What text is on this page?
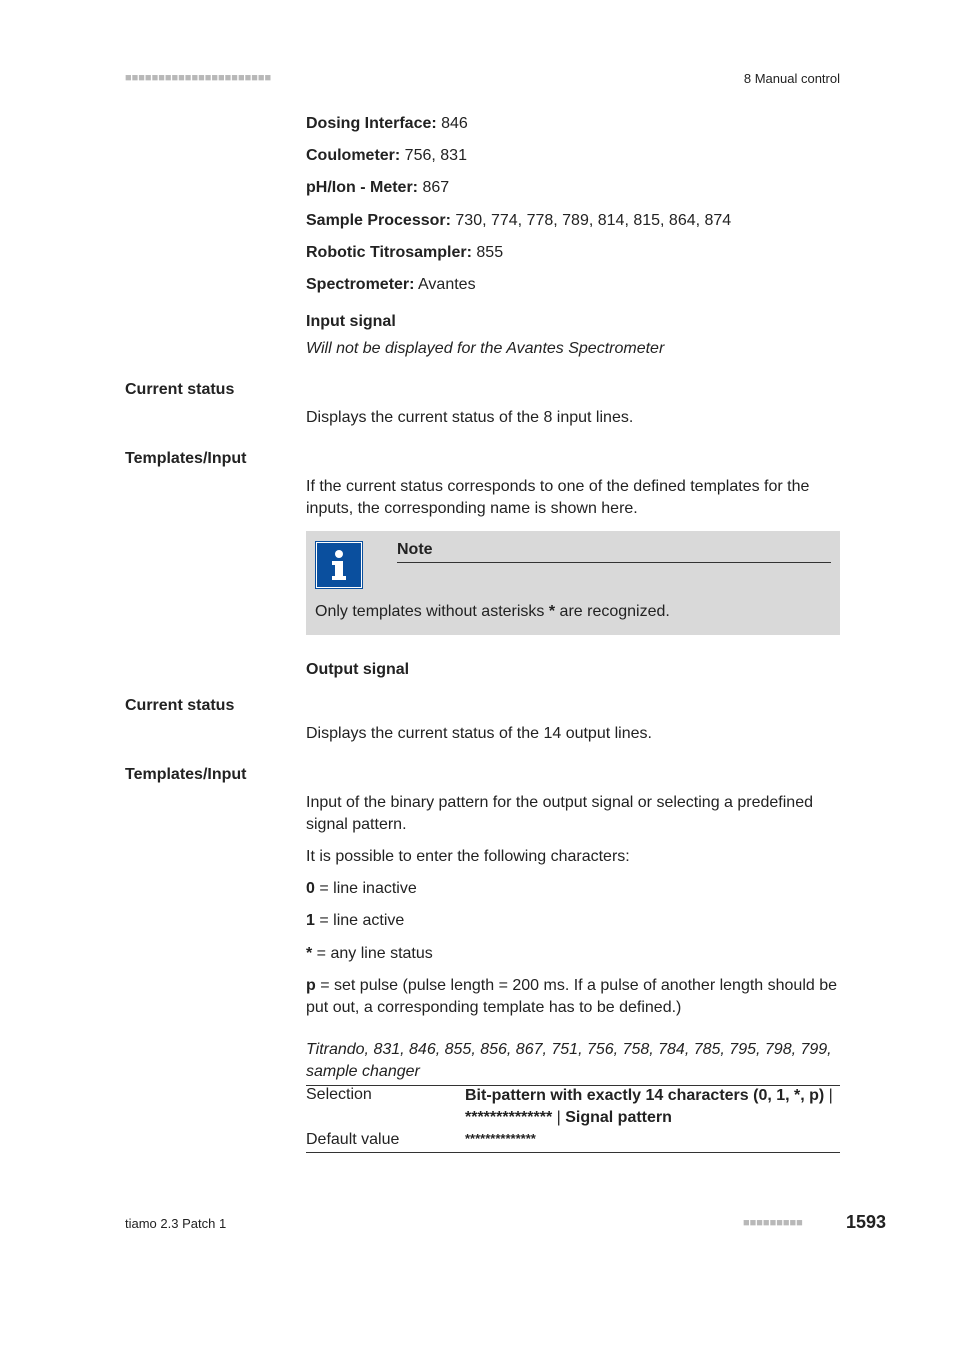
■■■■■■■■■■■■■■■■■■■■■■	8 Manual control
Dosing Interface: 846
Coulometer: 756, 831
pH/Ion - Meter: 867
Sample Processor: 730, 774, 778, 789, 814, 815, 864, 874
Robotic Titrosampler: 855
Spectrometer: Avantes
Input signal
Will not be displayed for the Avantes Spectrometer
Current status
Displays the current status of the 8 input lines.
Templates/Input
If the current status corresponds to one of the defined templates for the inputs, the corresponding name is shown here.
Note
Only templates without asterisks * are recognized.
Output signal
Current status
Displays the current status of the 14 output lines.
Templates/Input
Input of the binary pattern for the output signal or selecting a predefined signal pattern.
It is possible to enter the following characters:
0 = line inactive
1 = line active
* = any line status
p = set pulse (pulse length = 200 ms. If a pulse of another length should be put out, a corresponding template has to be defined.)
Titrando, 831, 846, 855, 856, 867, 751, 756, 758, 784, 785, 795, 798, 799, sample changer
Selection	Bit-pattern with exactly 14 characters (0, 1, *, p) | ************** | Signal pattern
Default value	**************
tiamo 2.3 Patch 1	■■■■■■■■■ 1593
